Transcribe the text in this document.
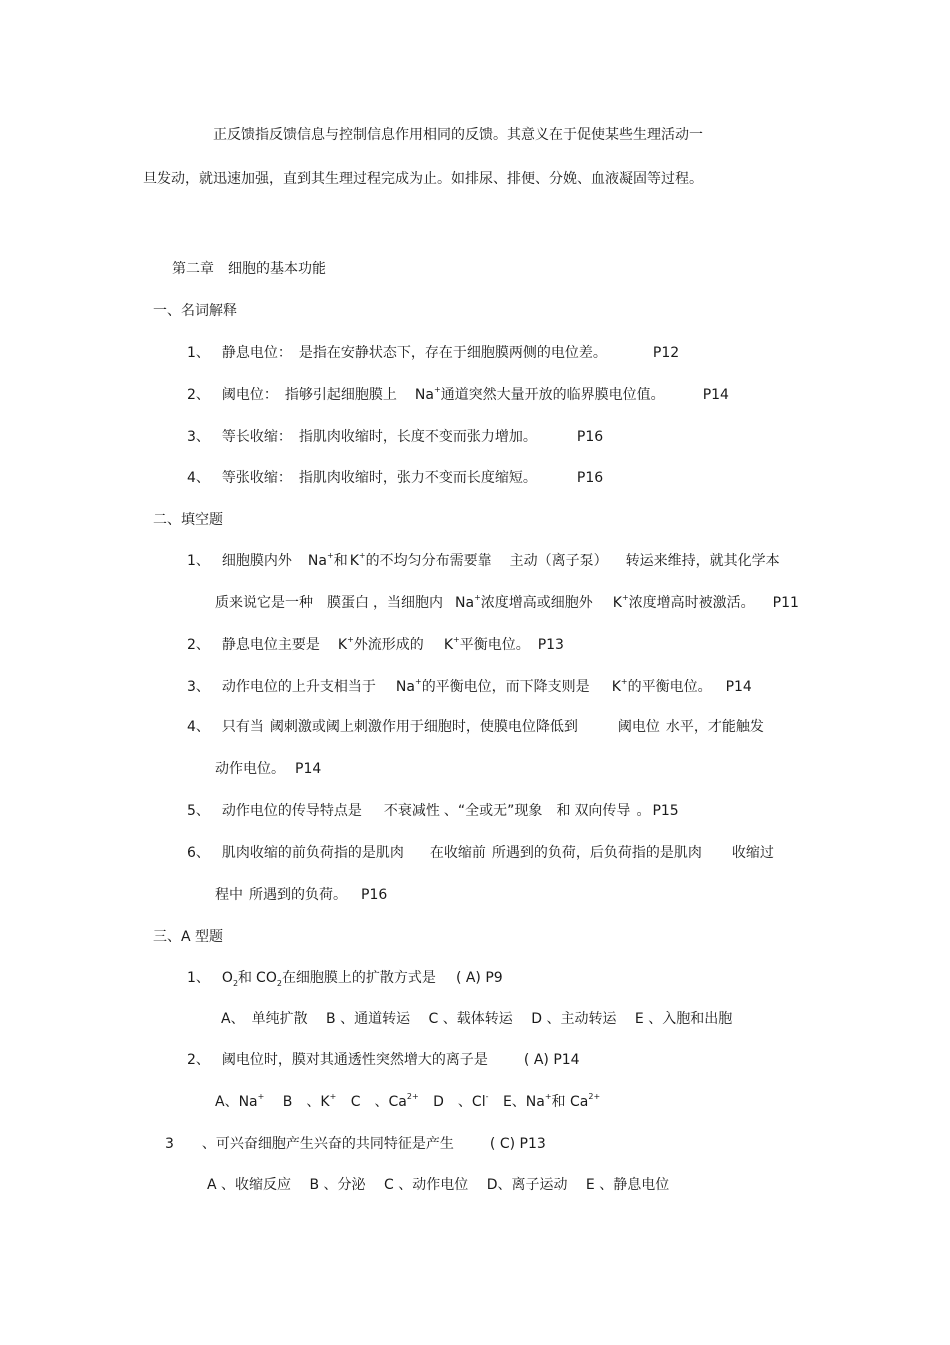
正反馈指反馈信息与控制信息作用相同的反馈。其意义在于促使某些生理活动一
旦发动，就迅速加强，直到其生理过程完成为止。如排尿、排便、分娩、血液凝固等过程。
第二章　细胞的基本功能
一、名词解释
1、 静息电位：　是指在安静状态下，存在于细胞膜两侧的电位差。	P12
2、 阈电位：　指够引起细胞膜上 Na+通道突然大量开放的临界膜电位值。	P14
3、 等长收缩：　指肌肉收缩时，长度不变而张力增加。	P16
4、 等张收缩：　指肌肉收缩时，张力不变而长度缩短。	P16
二、填空题
1、 细胞膜内外 Na+和 K+的不均匀分布需要靠 主动（离子泵） 转运来维持，就其化学本
质来说它是一种 膜蛋白 ，当细胞内 Na+浓度增高或细胞外 K+浓度增高时被激活。 P11
2、 静息电位主要是 K+外流形成的 K+平衡电位。 P13
3、 动作电位的上升支相当于 Na+的平衡电位，而下降支则是 K+的平衡电位。 P14
4、 只有当 阈刺激或阈上刺激作用于细胞时，使膜电位降低到	阈电位 水平，才能触发
动作电位。 P14
5、 动作电位的传导特点是 不衰减性 、“全或无”现象 和 双向传导 。 P15
6、 肌肉收缩的前负荷指的是肌肉 在收缩前 所遇到的负荷，后负荷指的是肌肉 收缩过
程中 所遇到的负荷。 P16
三、A 型题
1、 $O_2$和 $CO_2$在细胞膜上的扩散方式是 ( A) P9
A、　单纯扩散 B 、通道转运 C 、载体转运 D 、主动转运 E 、入胞和出胞
2、 阈电位时，膜对其通透性突然增大的离子是	( A) P14
A、Na+ B　、K+ C　、$Ca^{2+}$ D　、Cl- E、Na+和 $Ca^{2+}$
3 、可兴奋细胞产生兴奋的共同特征是产生	( C) P13
A 、收缩反应 B 、分泌 C 、动作电位 D、离子运动 E 、静息电位
